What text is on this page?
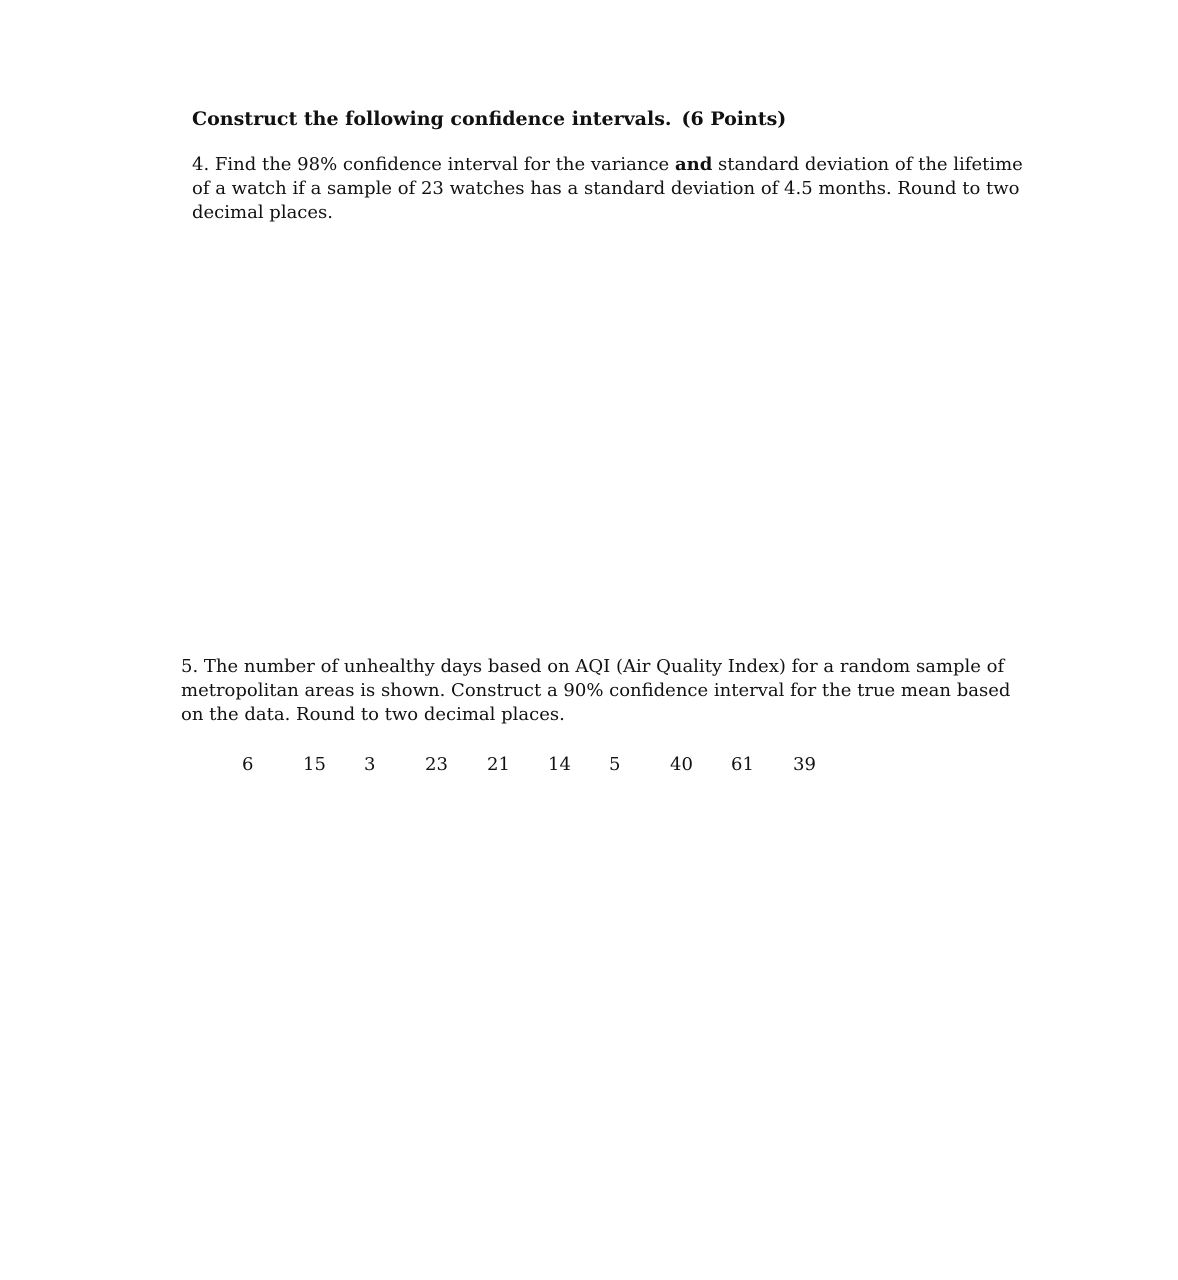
Construct the following confidence intervals. (6 Points)
4. Find the 98% confidence interval for the variance and standard deviation of the lifetime
of a watch if a sample of 23 watches has a standard deviation of 4.5 months. Round to two
decimal places.
5. The number of unhealthy days based on AQI (Air Quality Index) for a random sample of
metropolitan areas is shown. Construct a 90% confidence interval for the true mean based
on the data. Round to two decimal places.
6	15 3	23 21 14 5	40 61 39
